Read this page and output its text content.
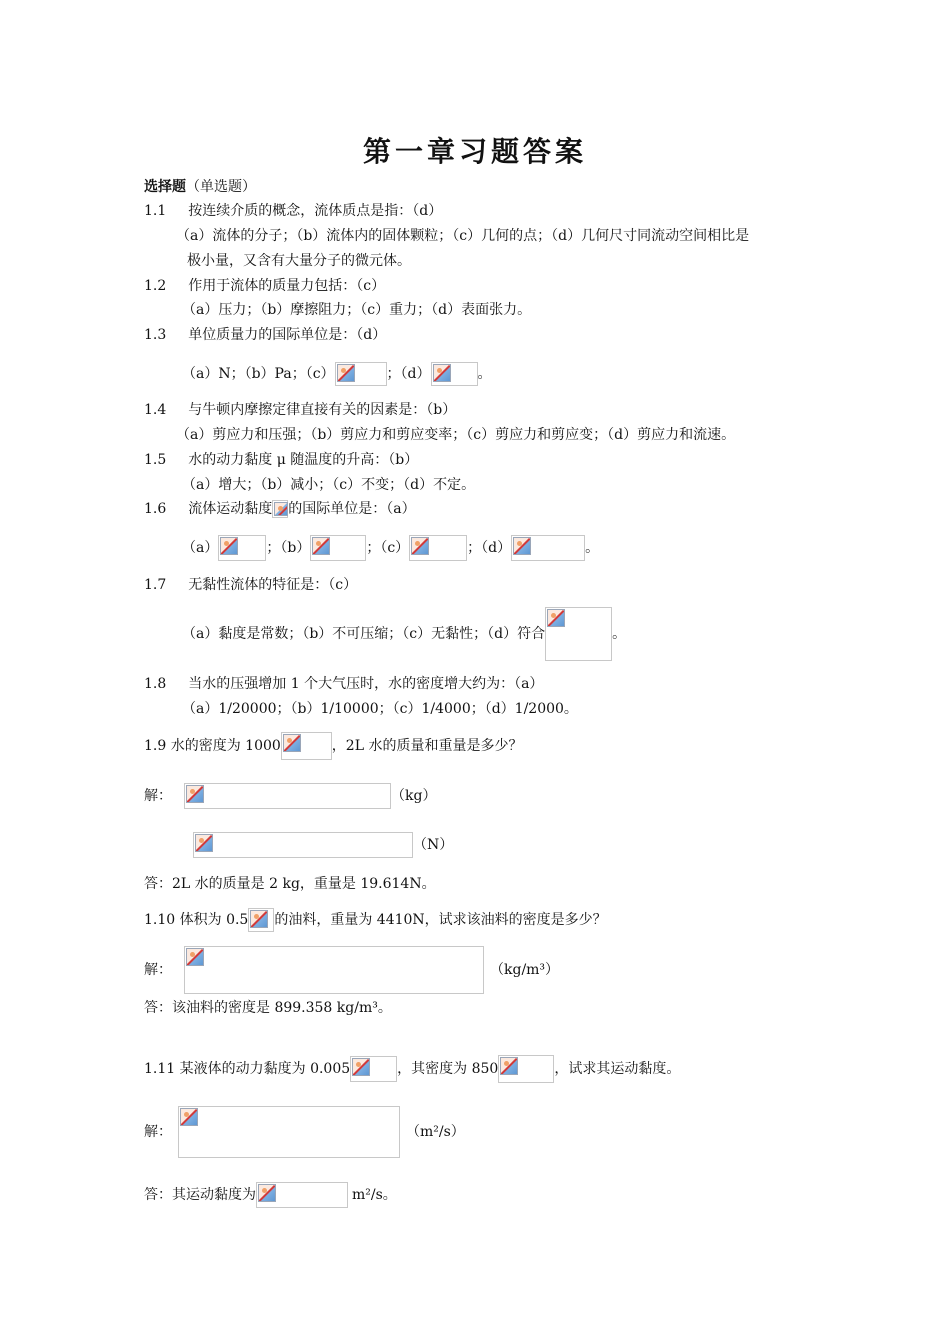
第一章习题答案
选择题（单选题）
1.1 按连续介质的概念，流体质点是指：（d）
（a）流体的分子；（b）流体内的固体颗粒；（c）几何的点；（d）几何尺寸同流动空间相比是
极小量，又含有大量分子的微元体。
1.2 作用于流体的质量力包括：（c）
（a）压力；（b）摩擦阻力；（c）重力；（d）表面张力。
1.3 单位质量力的国际单位是：（d）
（a）N；（b）Pa；（c）	；（d）	。
1.4 与牛顿内摩擦定律直接有关的因素是：（b）
（a）剪应力和压强；（b）剪应力和剪应变率；（c）剪应力和剪应变；（d）剪应力和流速。
1.5 水的动力黏度 μ 随温度的升高：（b）
（a）增大；（b）减小；（c）不变；（d）不定。
1.6 流体运动黏度 的国际单位是：（a）
（a）	；（b）	；（c）	；（d）	。
1.7 无黏性流体的特征是：（c）
（a）黏度是常数；（b）不可压缩；（c）无黏性；（d）符合	。
1.8 当水的压强增加 1 个大气压时，水的密度增大约为：（a）
（a）1/20000；（b）1/10000；（c）1/4000；（d）1/2000。
1.9 水的密度为 1000	，2L 水的质量和重量是多少？
解：	（kg）
（N）
答：2L 水的质量是 2 kg，重量是 19.614N。
1.10 体积为 0.5 的油料，重量为 4410N，试求该油料的密度是多少？
解：	（kg/m³）
答：该油料的密度是 899.358 kg/m³。
1.11 某液体的动力黏度为 0.005	，其密度为 850	，试求其运动黏度。
解：	（m²/s）
答：其运动黏度为	m²/s。
